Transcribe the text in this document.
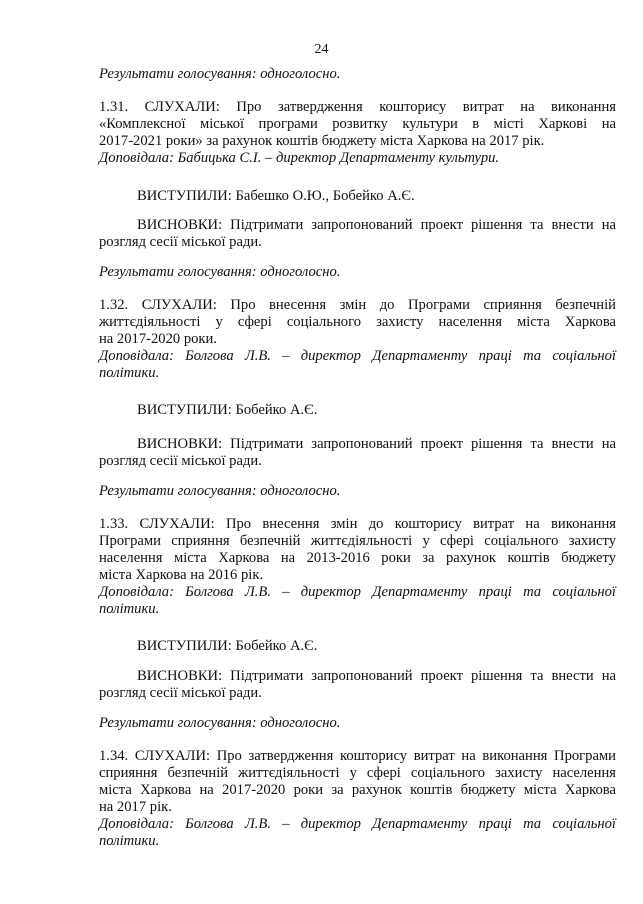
24
Результати голосування: одноголосно.
1.31. СЛУХАЛИ: Про затвердження кошторису витрат на виконання
«Комплексної міської програми розвитку культури в місті Харкові на
2017-2021 роки» за рахунок коштів бюджету міста Харкова на 2017 рік.
Доповідала: Бабицька С.І. – директор Департаменту культури.
ВИСТУПИЛИ: Бабешко О.Ю., Бобейко А.Є.
ВИСНОВКИ: Підтримати запропонований проект рішення та внести на
розгляд сесії міської ради.
Результати голосування: одноголосно.
1.32. СЛУХАЛИ: Про внесення змін до Програми сприяння безпечній
життєдіяльності у сфері соціального захисту населення міста Харкова
на 2017-2020 роки.
Доповідала: Болгова Л.В. – директор Департаменту праці та соціальної
політики.
ВИСТУПИЛИ: Бобейко А.Є.
ВИСНОВКИ: Підтримати запропонований проект рішення та внести на
розгляд сесії міської ради.
Результати голосування: одноголосно.
1.33. СЛУХАЛИ: Про внесення змін до кошторису витрат на виконання
Програми сприяння безпечній життєдіяльності у сфері соціального захисту
населення міста Харкова на 2013-2016 роки за рахунок коштів бюджету
міста Харкова на 2016 рік.
Доповідала: Болгова Л.В. – директор Департаменту праці та соціальної
політики.
ВИСТУПИЛИ: Бобейко А.Є.
ВИСНОВКИ: Підтримати запропонований проект рішення та внести на
розгляд сесії міської ради.
Результати голосування: одноголосно.
1.34. СЛУХАЛИ: Про затвердження кошторису витрат на виконання Програми
сприяння безпечній життєдіяльності у сфері соціального захисту населення
міста Харкова на 2017-2020 роки за рахунок коштів бюджету міста Харкова
на 2017 рік.
Доповідала: Болгова Л.В. – директор Департаменту праці та соціальної
політики.
